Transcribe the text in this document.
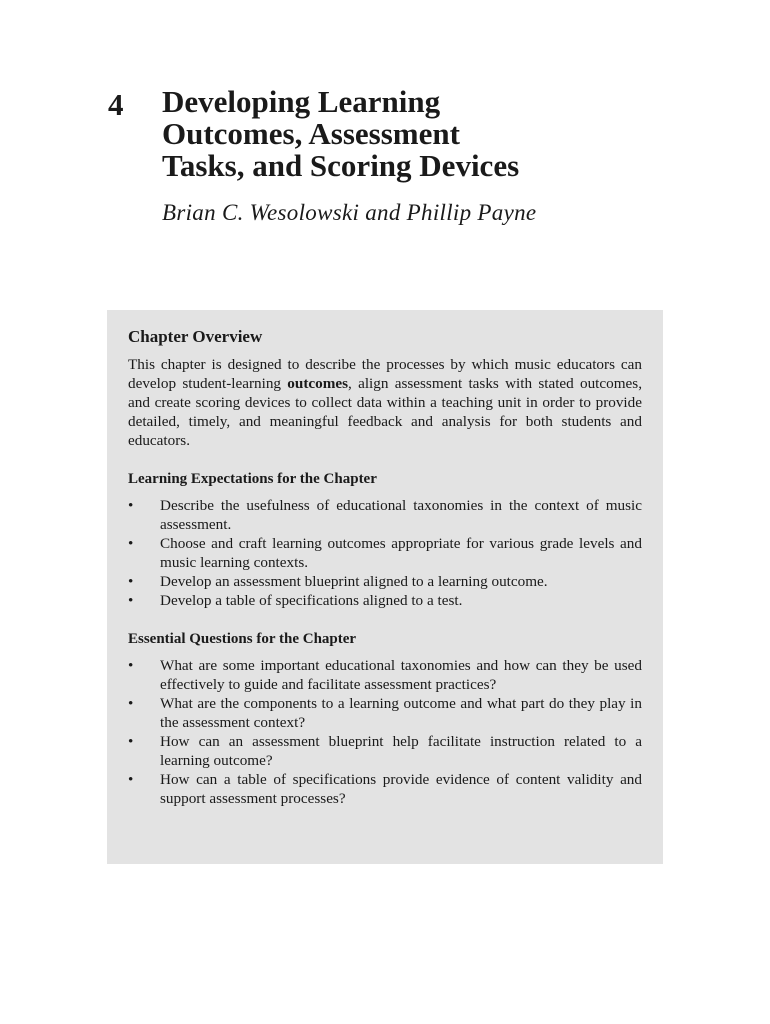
4 Developing Learning
Outcomes, Assessment
Tasks, and Scoring Devices
Brian C. Wesolowski and Phillip Payne
Chapter Overview

This chapter is designed to describe the processes by which music educators can develop student-learning outcomes, align assessment tasks with stated outcomes, and create scoring devices to collect data within a teaching unit in order to provide detailed, timely, and meaningful feedback and analysis for both students and educators.

Learning Expectations for the Chapter
•	Describe the usefulness of educational taxonomies in the context of music assessment.
•	Choose and craft learning outcomes appropriate for various grade levels and music learning contexts.
•	Develop an assessment blueprint aligned to a learning outcome.
•	Develop a table of specifications aligned to a test.
Essential Questions for the Chapter
•	What are some important educational taxonomies and how can they be used effectively to guide and facilitate assessment practices?
•	What are the components to a learning outcome and what part do they play in the assessment context?
•	How can an assessment blueprint help facilitate instruction related to a learning outcome?
•	How can a table of specifications provide evidence of content validity and support assessment processes?
